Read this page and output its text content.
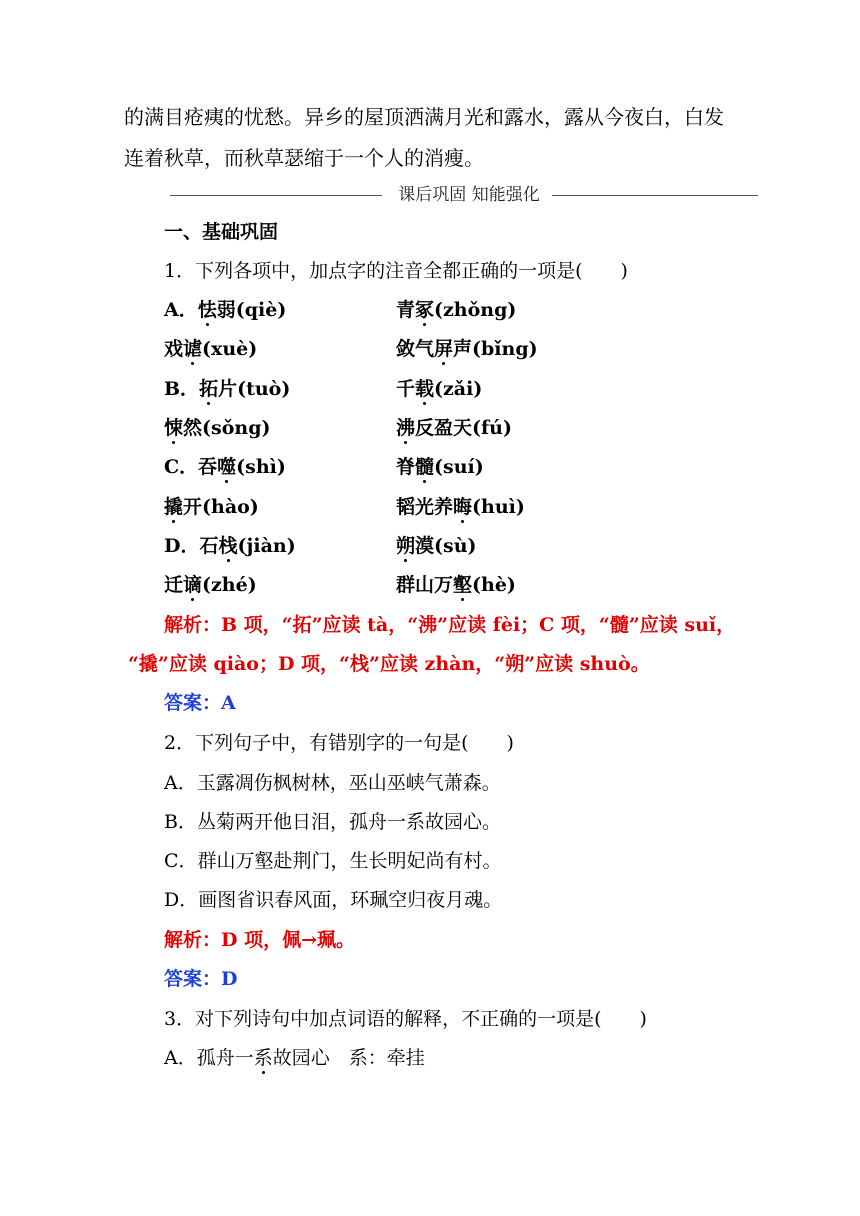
的满目疮痍的忧愁。异乡的屋顶洒满月光和露水，露从今夜白，白发
连着秋草，而秋草瑟缩于一个人的消瘦。
课后巩固 知能强化
一、基础巩固
1．下列各项中，加点字的注音全都正确的一项是(　　)
A．怯弱(qiè)	青冢(zhǒng)
戏谑(xuè)	敛气屏声(bǐng)
B．拓片(tuò)	千载(zǎi)
悚然(sǒng)	沸反盈天(fú)
C．吞噬(shì)	脊髓(suí)
撬开(hào)	韬光养晦(huì)
D．石栈(jiàn)	朔漠(sù)
迁谪(zhé)	群山万壑(hè)
解析：B 项，“拓”应读 tà，“沸”应读 fèi；C 项，“髓”应读 suǐ，
“撬”应读 qiào；D 项，“栈”应读 zhàn，“朔”应读 shuò。
答案：A
2．下列句子中，有错别字的一句是(　　)
A．玉露凋伤枫树林，巫山巫峡气萧森。
B．丛菊两开他日泪，孤舟一系故园心。
C．群山万壑赴荆门，生长明妃尚有村。
D．画图省识春风面，环珮空归夜月魂。
解析：D 项，佩→珮。
答案：D
3．对下列诗句中加点词语的解释，不正确的一项是(　　)
A．孤舟一系故园心　系：牵挂
